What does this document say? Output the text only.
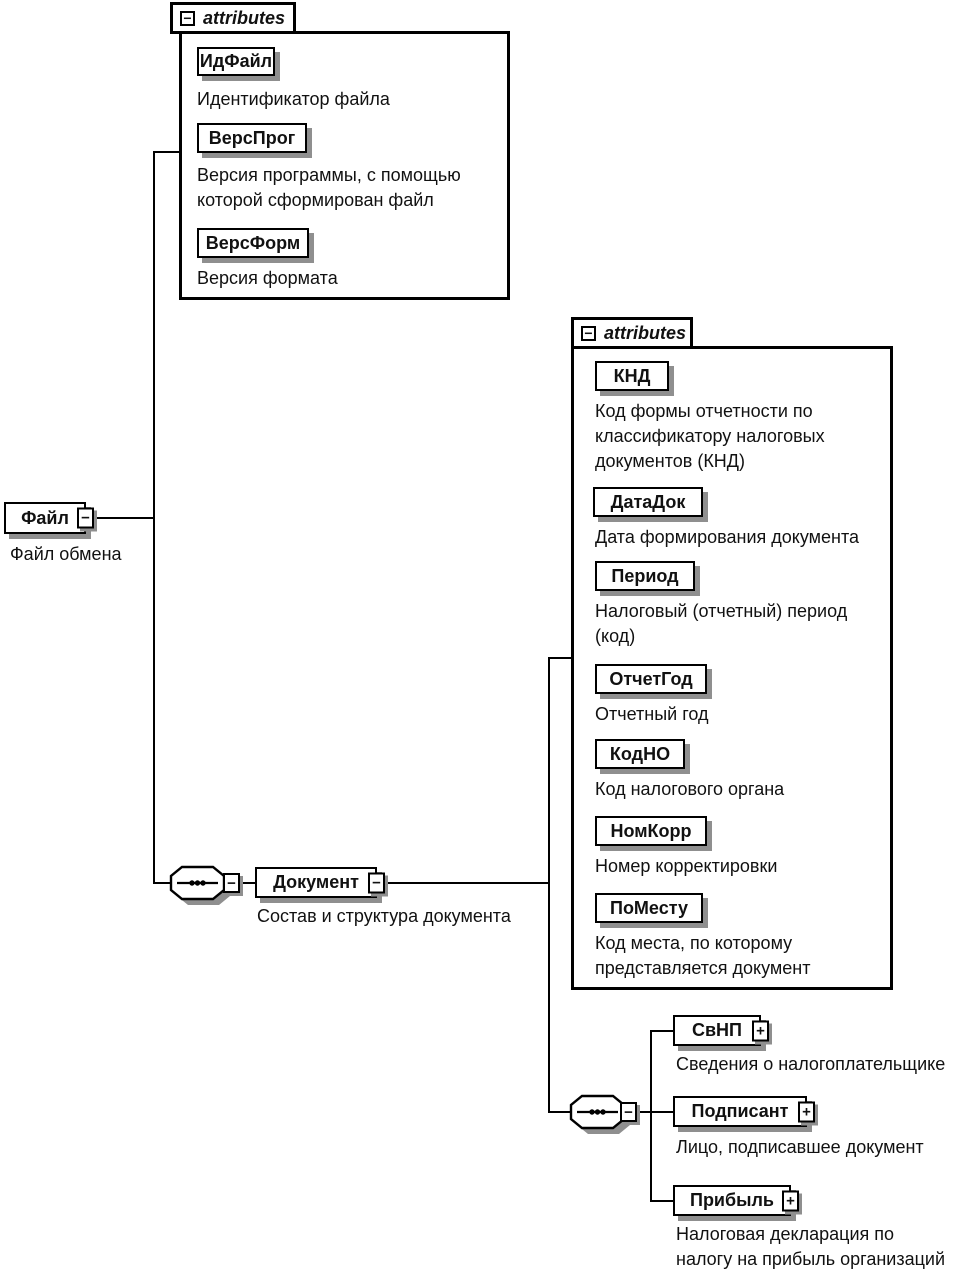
− attributes
ИдФайл
Идентификатор файла
ВерсПрог
Версия программы, с помощью
которой сформирован файл
ВерсФорм
Версия формата
Файл −
Файл обмена
− Документ −
Состав и структура документа
− attributes
КНД
Код формы отчетности по
классификатору налоговых
документов (КНД)
ДатаДок
Дата формирования документа
Период
Налоговый (отчетный) период
(код)
ОтчетГод
Отчетный год
КодНО
Код налогового органа
НомКорр
Номер корректировки
ПоМесту
Код места, по которому
представляется документ
−
СвНП +
Сведения о налогоплательщике
Подписант +
Лицо, подписавшее документ
Прибыль +
Налоговая декларация по
налогу на прибыль организаций
